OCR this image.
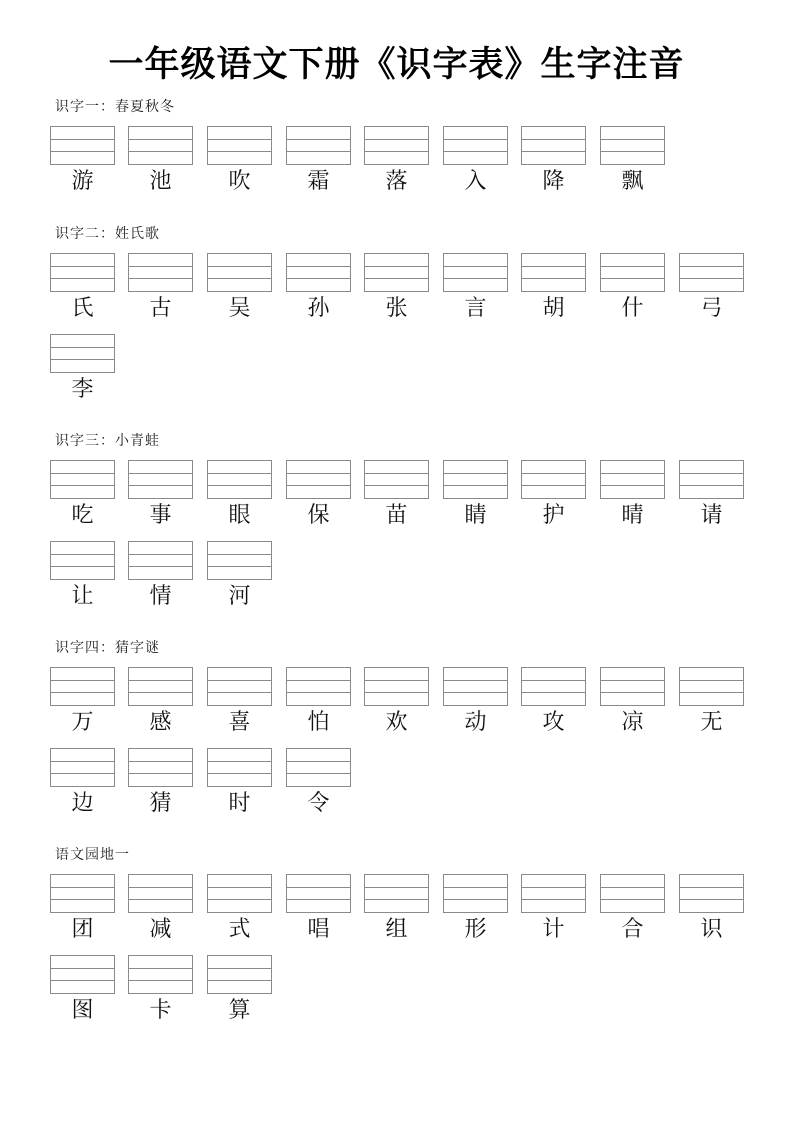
一年级语文下册《识字表》生字注音
识字一：春夏秋冬
游	池	吹	霜	落	入	降	飘
识字二：姓氏歌
氏	古	吴	孙	张	言	胡	什	弓
李
识字三：小青蛙
吃	事	眼	保	苗	睛	护	晴	请
让	情	河
识字四：猜字谜
万	感	喜	怕	欢	动	攻	凉	无
边	猜	时	令
语文园地一
团	减	式	唱	组	形	计	合	识
图	卡	算
